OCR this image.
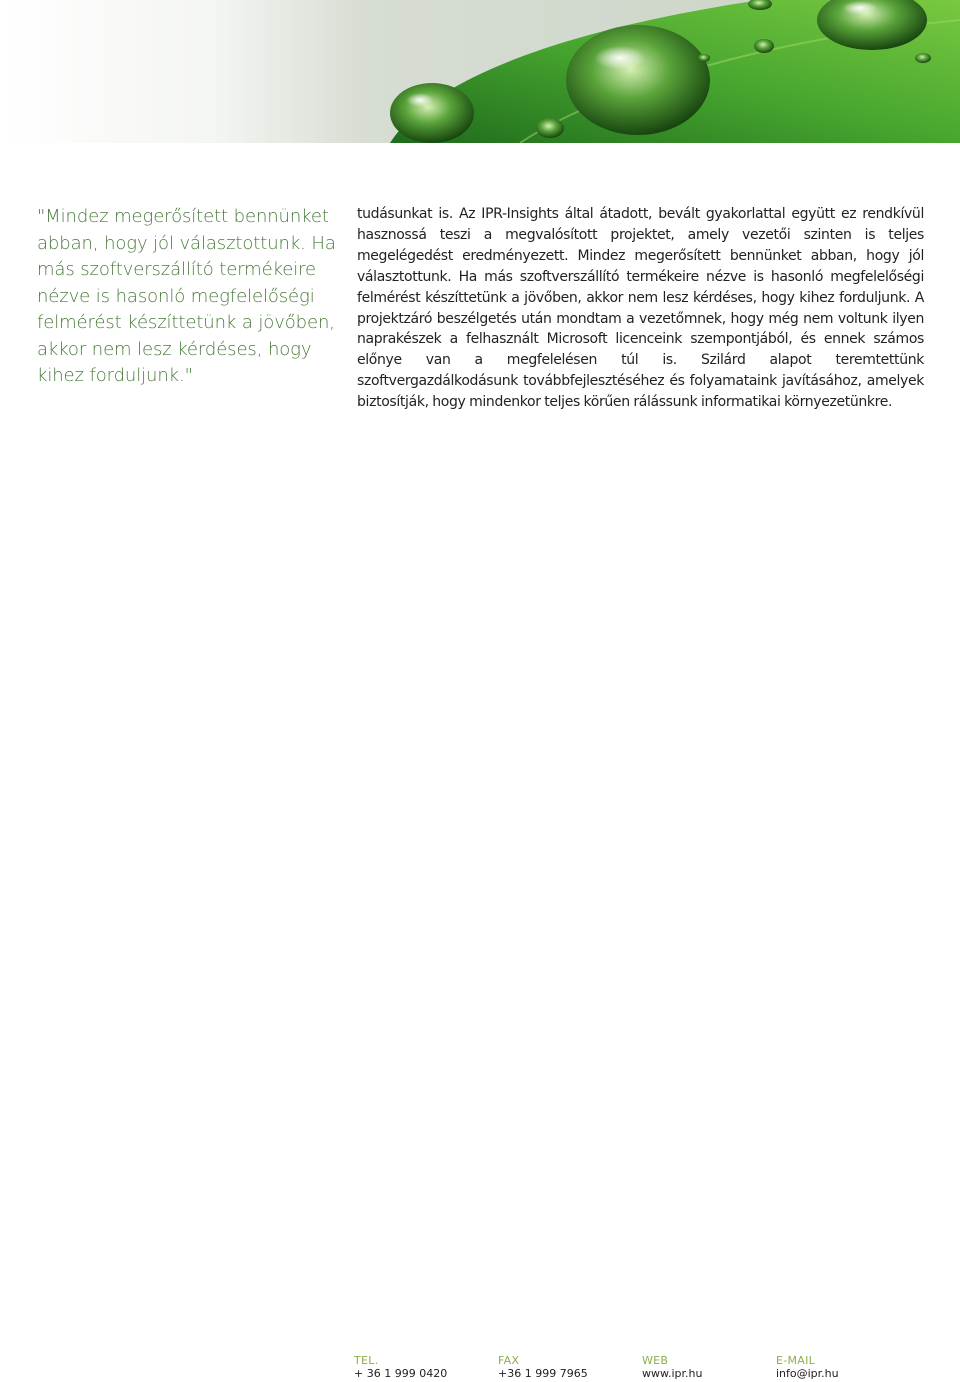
"Mindez megerősített bennünket abban, hogy jól választottunk. Ha más szoftverszállító termékeire nézve is hasonló megfelelőségi felmérést készíttetünk a jövőben, akkor nem lesz kérdéses, hogy kihez forduljunk."

tudásunkat is. Az IPR-Insights által átadott, bevált gyakorlattal együtt ez rendkívül hasznossá teszi a megvalósított projektet, amely vezetői szinten is teljes megelégedést eredményezett. Mindez megerősített bennünket abban, hogy jól választottunk. Ha más szoftverszállító termékeire nézve is hasonló megfelelőségi felmérést készíttetünk a jövőben, akkor nem lesz kérdéses, hogy kihez forduljunk. A projektzáró beszélgetés után mondtam a vezetőmnek, hogy még nem voltunk ilyen naprakészek a felhasznált Microsoft licenceink szempontjából, és ennek számos előnye van a megfelelésen túl is. Szilárd alapot teremtettünk szoftvergazdálkodásunk továbbfejlesztéséhez és folyamataink javításához, amelyek biztosítják, hogy mindenkor teljes körűen rálássunk informatikai környezetünkre.

TEL.
+ 36 1 999 0420
FAX
+36 1 999 7965
WEB
www.ipr.hu
E-MAIL
info@ipr.hu
